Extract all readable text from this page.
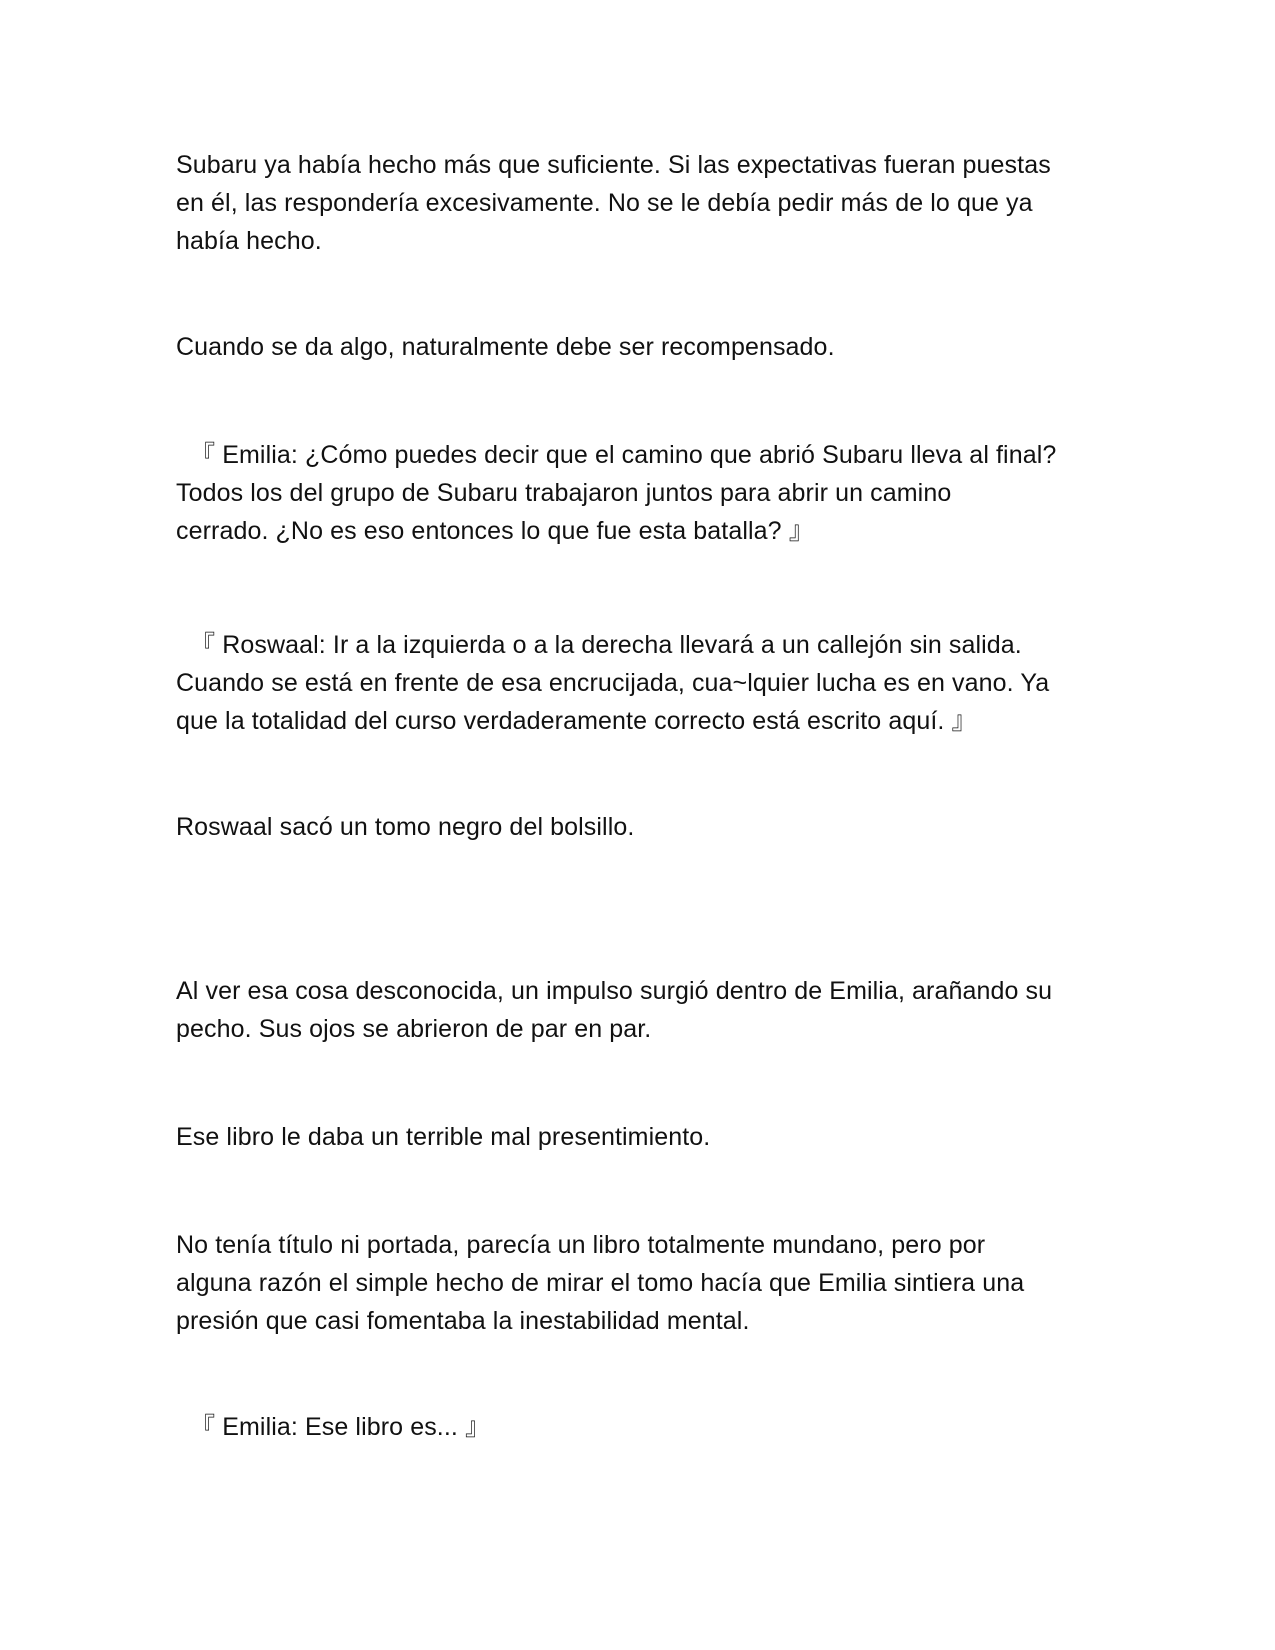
Subaru ya había hecho más que suficiente. Si las expectativas fueran puestas
en él, las respondería excesivamente. No se le debía pedir más de lo que ya
había hecho.

Cuando se da algo, naturalmente debe ser recompensado.

『 Emilia: ¿Cómo puedes decir que el camino que abrió Subaru lleva al final?
Todos los del grupo de Subaru trabajaron juntos para abrir un camino
cerrado. ¿No es eso entonces lo que fue esta batalla? 』

『 Roswaal: Ir a la izquierda o a la derecha llevará a un callejón sin salida.
Cuando se está en frente de esa encrucijada, cua~lquier lucha es en vano. Ya
que la totalidad del curso verdaderamente correcto está escrito aquí. 』

Roswaal sacó un tomo negro del bolsillo.

Al ver esa cosa desconocida, un impulso surgió dentro de Emilia, arañando su
pecho. Sus ojos se abrieron de par en par.

Ese libro le daba un terrible mal presentimiento.

No tenía título ni portada, parecía un libro totalmente mundano, pero por
alguna razón el simple hecho de mirar el tomo hacía que Emilia sintiera una
presión que casi fomentaba la inestabilidad mental.

『 Emilia: Ese libro es... 』
